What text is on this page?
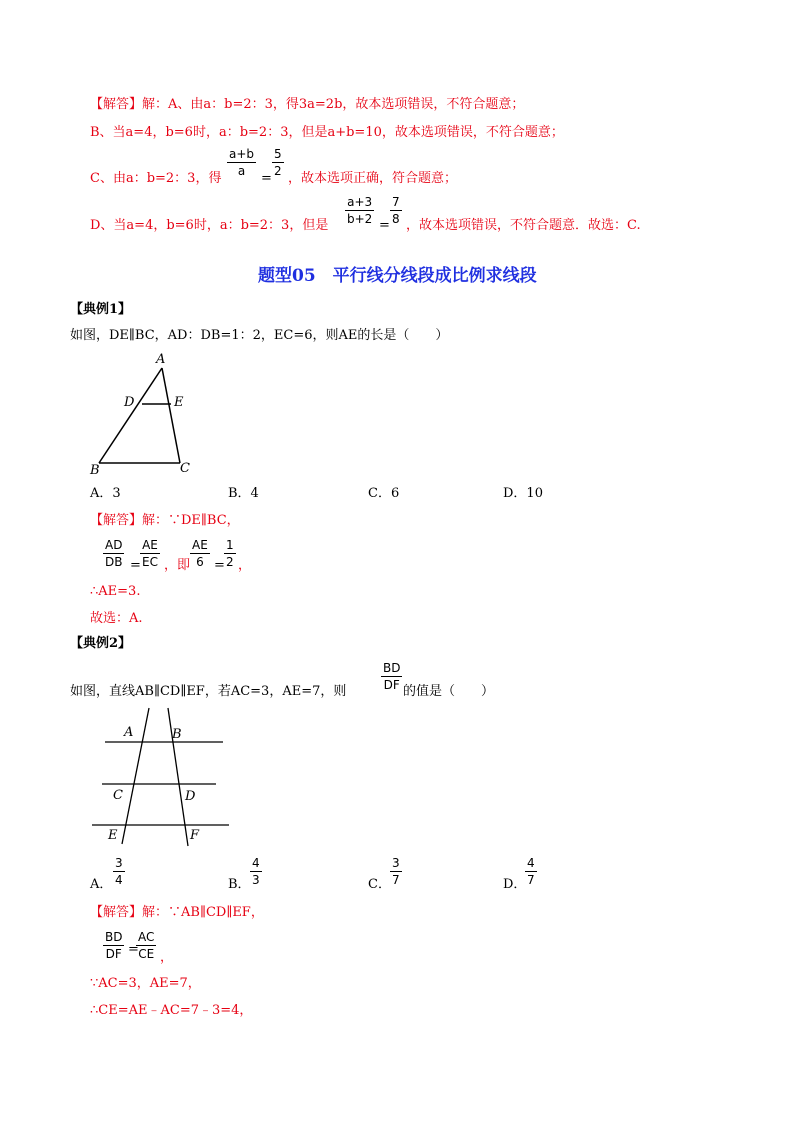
【解答】解：A、由a：b=2：3，得3a=2b，故本选项错误，不符合题意；
B、当a=4，b=6时，a：b=2：3，但是a+b=10，故本选项错误，不符合题意；
C、由a：b=2：3，得
$\frac{a+b}{a}$
=
$\frac{5}{2}$
，故本选项正确，符合题意；
D、当a=4，b=6时，a：b=2：3，但是
$\frac{a+3}{b+2}$
=
$\frac{7}{8}$
，故本选项错误，不符合题意．故选：C.
题型05　平行线分线段成比例求线段
【典例1】
如图，DE∥BC，AD：DB=1：2，EC=6，则AE的长是（　　）
A
D	E
B	C
A．3	B．4	C．6	D．10
【解答】解：∵DE∥BC，
$\frac{AD}{DB} = \frac{AE}{EC}$ ，即 $\frac{AE}{6} = \frac{1}{2}$ ，
∴AE=3.
故选：A.
【典例2】
如图，直线AB∥CD∥EF，若AC=3，AE=7，则
$\frac{BD}{DF}$
的值是（　　）
A	B
C	D
E	F
A． $\frac{3}{4}$	B． $\frac{4}{3}$	C． $\frac{3}{7}$	D．
$\frac{4}{7}$
【解答】解：∵AB∥CD∥EF，
$\frac{BD}{DF}$ =
$\frac{AC}{CE}$ ，
∵AC=3，AE=7，
∴CE=AE﹣AC=7﹣3=4，
